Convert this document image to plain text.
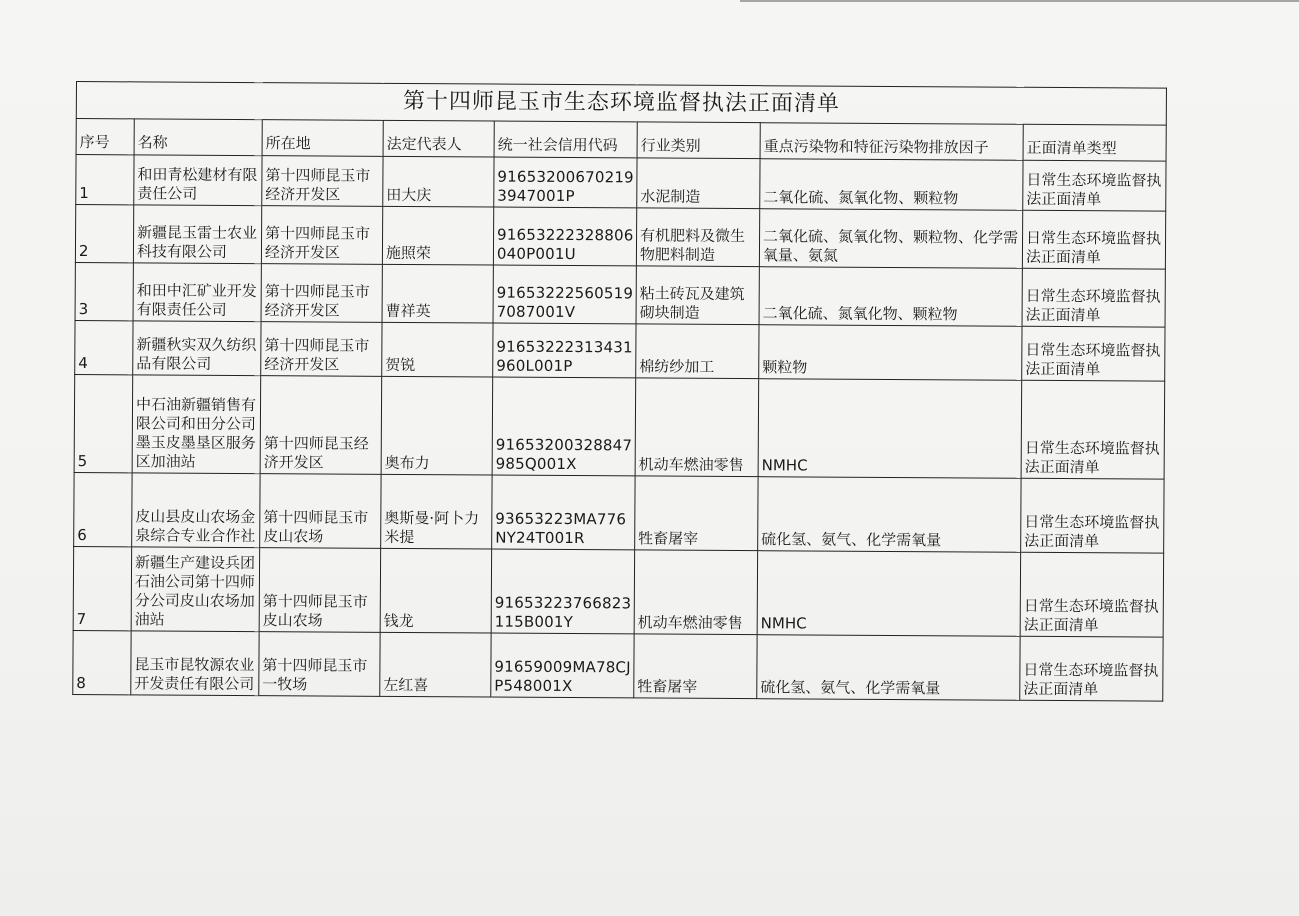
第十四师昆玉市生态环境监督执法正面清单							
序号	名称	所在地	法定代表人	统一社会信用代码	行业类别	重点污染物和特征污染物排放因子	正面清单类型
1	和田青松建材有限责任公司	第十四师昆玉市经济开发区	田大庆	916532006702193947001P	水泥制造	二氧化硫、氮氧化物、颗粒物	日常生态环境监督执法正面清单
2	新疆昆玉雷士农业科技有限公司	第十四师昆玉市经济开发区	施照荣	91653222328806040P001U	有机肥料及微生物肥料制造	二氧化硫、氮氧化物、颗粒物、化学需氧量、氨氮	日常生态环境监督执法正面清单
3	和田中汇矿业开发有限责任公司	第十四师昆玉市经济开发区	曹祥英	916532225605197087001V	粘土砖瓦及建筑砌块制造	二氧化硫、氮氧化物、颗粒物	日常生态环境监督执法正面清单
4	新疆秋实双久纺织品有限公司	第十四师昆玉市经济开发区	贺锐	91653222313431960L001P	棉纺纱加工	颗粒物	日常生态环境监督执法正面清单
5	中石油新疆销售有限公司和田分公司墨玉皮墨垦区服务区加油站	第十四师昆玉经济开发区	奥布力	91653200328847985Q001X	机动车燃油零售	NMHC	日常生态环境监督执法正面清单
6	皮山县皮山农场金泉综合专业合作社	第十四师昆玉市皮山农场	奥斯曼·阿卜力米提	93653223MA776NY24T001R	牲畜屠宰	硫化氢、氨气、化学需氧量	日常生态环境监督执法正面清单
7	新疆生产建设兵团石油公司第十四师分公司皮山农场加油站	第十四师昆玉市皮山农场	钱龙	91653223766823115B001Y	机动车燃油零售	NMHC	日常生态环境监督执法正面清单
8	昆玉市昆牧源农业开发责任有限公司	第十四师昆玉市一牧场	左红喜	91659009MA78CJP548001X	牲畜屠宰	硫化氢、氨气、化学需氧量	日常生态环境监督执法正面清单
